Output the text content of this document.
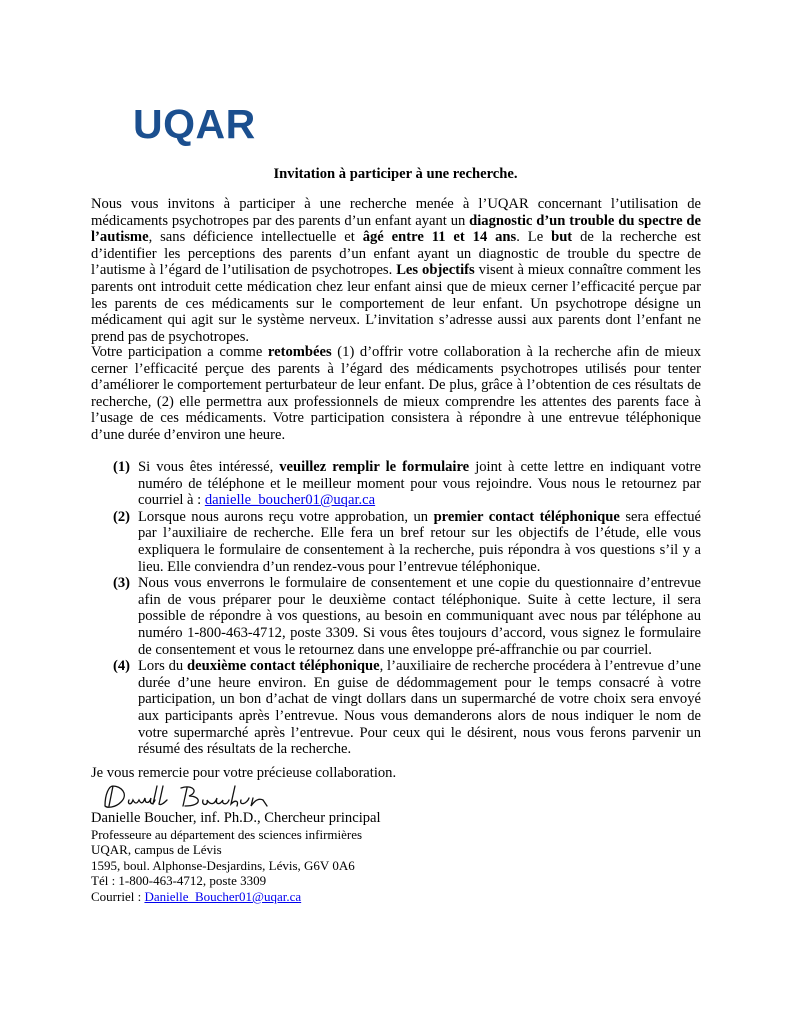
UQAR
Invitation à participer à une recherche.
Nous vous invitons à participer à une recherche menée à l’UQAR concernant l’utilisation de médicaments psychotropes par des parents d’un enfant ayant un diagnostic d’un trouble du spectre de l’autisme, sans déficience intellectuelle et âgé entre 11 et 14 ans. Le but de la recherche est d’identifier les perceptions des parents d’un enfant ayant un diagnostic de trouble du spectre de l’autisme à l’égard de l’utilisation de psychotropes. Les objectifs visent à mieux connaître comment les parents ont introduit cette médication chez leur enfant ainsi que de mieux cerner l’efficacité perçue par les parents de ces médicaments sur le comportement de leur enfant. Un psychotrope désigne un médicament qui agit sur le système nerveux. L’invitation s’adresse aussi aux parents dont l’enfant ne prend pas de psychotropes.
Votre participation a comme retombées (1) d’offrir votre collaboration à la recherche afin de mieux cerner l’efficacité perçue des parents à l’égard des médicaments psychotropes utilisés pour tenter d’améliorer le comportement perturbateur de leur enfant. De plus, grâce à l’obtention de ces résultats de recherche, (2) elle permettra aux professionnels de mieux comprendre les attentes des parents face à l’usage de ces médicaments. Votre participation consistera à répondre à une entrevue téléphonique d’une durée d’environ une heure.
(1) Si vous êtes intéressé, veuillez remplir le formulaire joint à cette lettre en indiquant votre numéro de téléphone et le meilleur moment pour vous rejoindre. Vous nous le retournez par courriel à : danielle_boucher01@uqar.ca
(2) Lorsque nous aurons reçu votre approbation, un premier contact téléphonique sera effectué par l’auxiliaire de recherche. Elle fera un bref retour sur les objectifs de l’étude, elle vous expliquera le formulaire de consentement à la recherche, puis répondra à vos questions s’il y a lieu. Elle conviendra d’un rendez-vous pour l’entrevue téléphonique.
(3) Nous vous enverrons le formulaire de consentement et une copie du questionnaire d’entrevue afin de vous préparer pour le deuxième contact téléphonique. Suite à cette lecture, il sera possible de répondre à vos questions, au besoin en communiquant avec nous par téléphone au numéro 1-800-463-4712, poste 3309. Si vous êtes toujours d’accord, vous signez le formulaire de consentement et vous le retournez dans une enveloppe pré-affranchie ou par courriel.
(4) Lors du deuxième contact téléphonique, l’auxiliaire de recherche procédera à l’entrevue d’une durée d’une heure environ. En guise de dédommagement pour le temps consacré à votre participation, un bon d’achat de vingt dollars dans un supermarché de votre choix sera envoyé aux participants après l’entrevue. Nous vous demanderons alors de nous indiquer le nom de votre supermarché après l’entrevue. Pour ceux qui le désirent, nous vous ferons parvenir un résumé des résultats de la recherche.
Je vous remercie pour votre précieuse collaboration.
Danielle Boucher, inf. Ph.D., Chercheur principal
Professeure au département des sciences infirmières
UQAR, campus de Lévis
1595, boul. Alphonse-Desjardins, Lévis, G6V 0A6
Tél : 1-800-463-4712, poste 3309
Courriel : Danielle_Boucher01@uqar.ca
